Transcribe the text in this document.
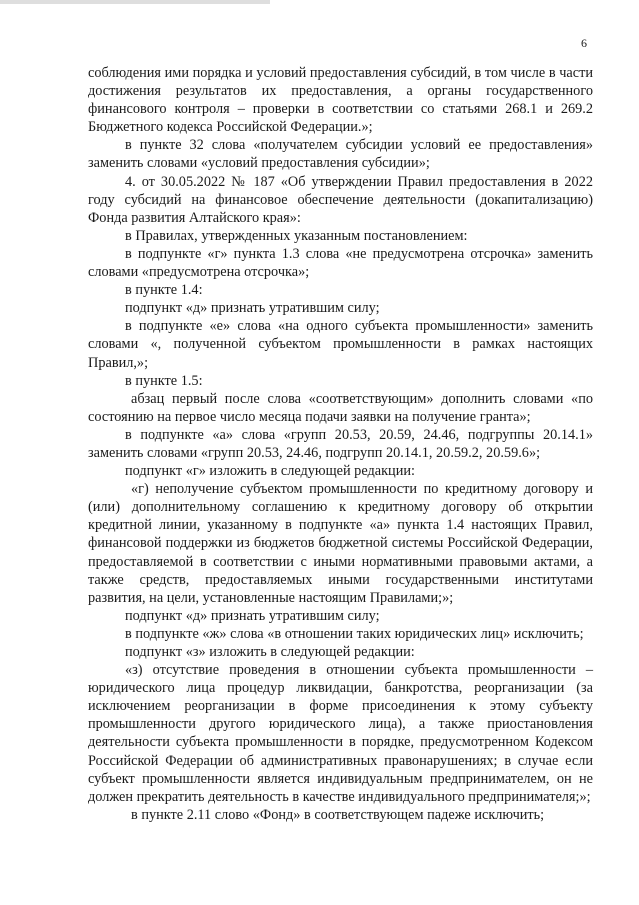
6

соблюдения ими порядка и условий предоставления субсидий, в том числе в части достижения результатов их предоставления, а органы государственного финансового контроля – проверки в соответствии со статьями 268.1 и 269.2 Бюджетного кодекса Российской Федерации.»;

в пункте 32 слова «получателем субсидии условий ее предоставления» заменить словами «условий предоставления субсидии»;

4. от 30.05.2022 № 187 «Об утверждении Правил предоставления в 2022 году субсидий на финансовое обеспечение деятельности (докапитализацию) Фонда развития Алтайского края»:

в Правилах, утвержденных указанным постановлением:

в подпункте «г» пункта 1.3 слова «не предусмотрена отсрочка» заменить словами «предусмотрена отсрочка»;

в пункте 1.4:

подпункт «д» признать утратившим силу;

в подпункте «е» слова «на одного субъекта промышленности» заменить словами «, полученной субъектом промышленности в рамках настоящих Правил,»;

в пункте 1.5:

абзац первый после слова «соответствующим» дополнить словами «по состоянию на первое число месяца подачи заявки на получение гранта»;

в подпункте «а» слова «групп 20.53, 20.59, 24.46, подгруппы 20.14.1» заменить словами «групп 20.53, 24.46, подгрупп 20.14.1, 20.59.2, 20.59.6»;

подпункт «г» изложить в следующей редакции:

«г) неполучение субъектом промышленности по кредитному договору и (или) дополнительному соглашению к кредитному договору об открытии кредитной линии, указанному в подпункте «а» пункта 1.4 настоящих Правил, финансовой поддержки из бюджетов бюджетной системы Российской Федерации, предоставляемой в соответствии с иными нормативными правовыми актами, а также средств, предоставляемых иными государственными институтами развития, на цели, установленные настоящим Правилами;»;

подпункт «д» признать утратившим силу;

в подпункте «ж» слова «в отношении таких юридических лиц» исключить;

подпункт «з» изложить в следующей редакции:

«з) отсутствие проведения в отношении субъекта промышленности – юридического лица процедур ликвидации, банкротства, реорганизации (за исключением реорганизации в форме присоединения к этому субъекту промышленности другого юридического лица), а также приостановления деятельности субъекта промышленности в порядке, предусмотренном Кодексом Российской Федерации об административных правонарушениях; в случае если субъект промышленности является индивидуальным предпринимателем, он не должен прекратить деятельность в качестве индивидуального предпринимателя;»;

в пункте 2.11 слово «Фонд» в соответствующем падеже исключить;
